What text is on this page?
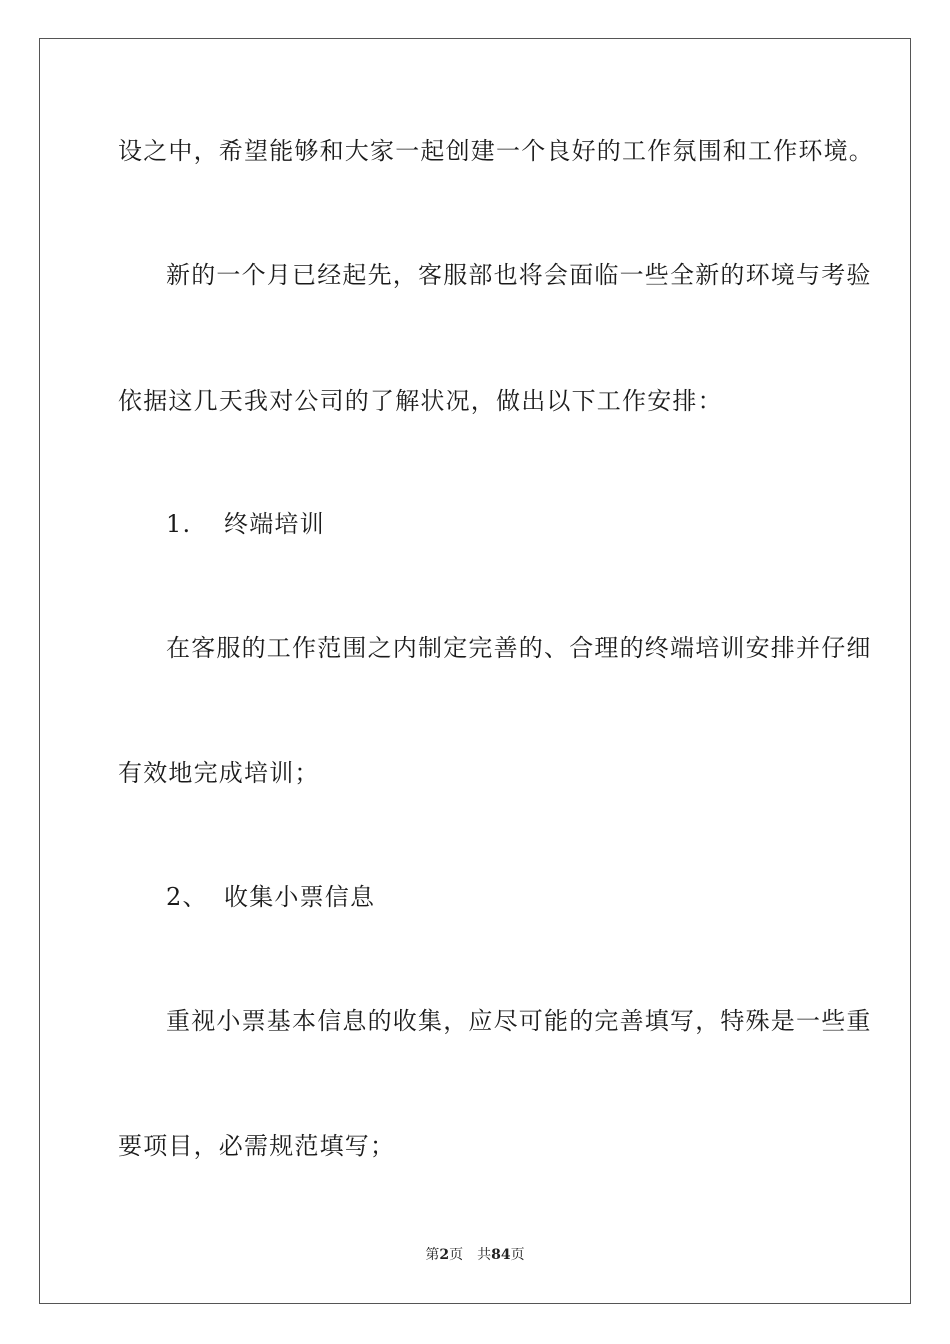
设之中，希望能够和大家一起创建一个良好的工作氛围和工作环境。
新的一个月已经起先，客服部也将会面临一些全新的环境与考验
依据这几天我对公司的了解状况，做出以下工作安排：
1. 终端培训
在客服的工作范围之内制定完善的、合理的终端培训安排并仔细
有效地完成培训；
2、 收集小票信息
重视小票基本信息的收集，应尽可能的完善填写，特殊是一些重
要项目，必需规范填写；
第2页 共84页
